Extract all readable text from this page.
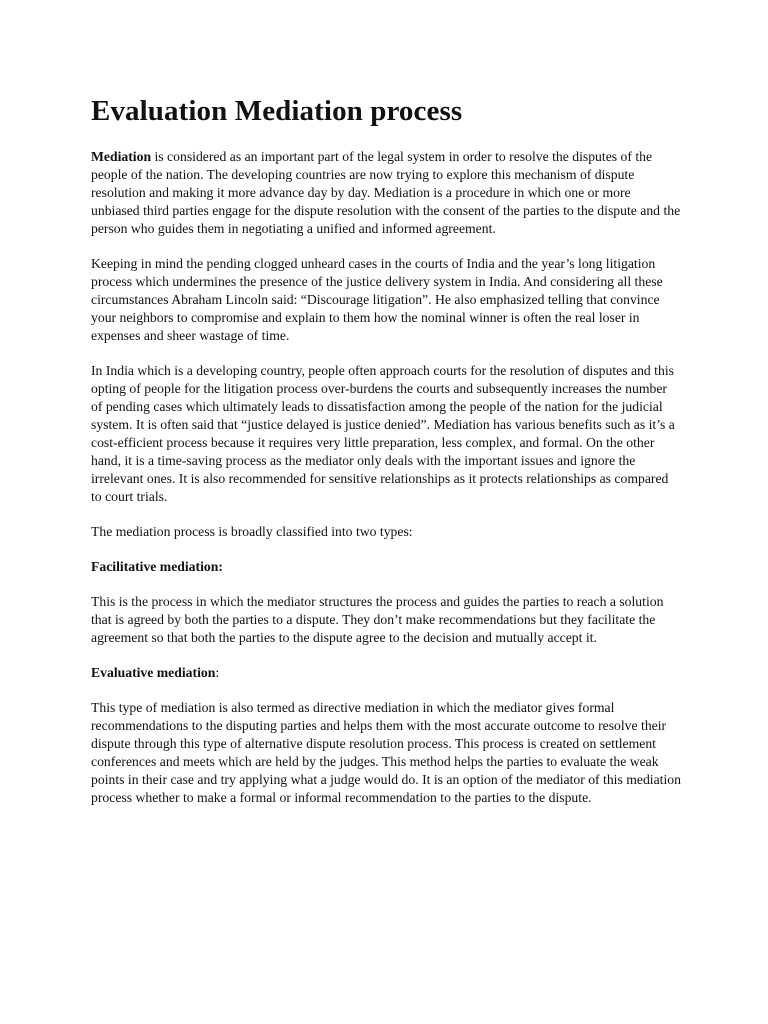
Evaluation Mediation process

Mediation is considered as an important part of the legal system in order to resolve the disputes of the people of the nation. The developing countries are now trying to explore this mechanism of dispute resolution and making it more advance day by day. Mediation is a procedure in which one or more unbiased third parties engage for the dispute resolution with the consent of the parties to the dispute and the person who guides them in negotiating a unified and informed agreement.

Keeping in mind the pending clogged unheard cases in the courts of India and the year’s long litigation process which undermines the presence of the justice delivery system in India. And considering all these circumstances Abraham Lincoln said: “Discourage litigation”. He also emphasized telling that convince your neighbors to compromise and explain to them how the nominal winner is often the real loser in expenses and sheer wastage of time.

In India which is a developing country, people often approach courts for the resolution of disputes and this opting of people for the litigation process over-burdens the courts and subsequently increases the number of pending cases which ultimately leads to dissatisfaction among the people of the nation for the judicial system. It is often said that “justice delayed is justice denied”. Mediation has various benefits such as it’s a cost-efficient process because it requires very little preparation, less complex, and formal. On the other hand, it is a time-saving process as the mediator only deals with the important issues and ignore the irrelevant ones. It is also recommended for sensitive relationships as it protects relationships as compared to court trials.

The mediation process is broadly classified into two types:

Facilitative mediation:

This is the process in which the mediator structures the process and guides the parties to reach a solution that is agreed by both the parties to a dispute. They don’t make recommendations but they facilitate the agreement so that both the parties to the dispute agree to the decision and mutually accept it.

Evaluative mediation:

This type of mediation is also termed as directive mediation in which the mediator gives formal recommendations to the disputing parties and helps them with the most accurate outcome to resolve their dispute through this type of alternative dispute resolution process. This process is created on settlement conferences and meets which are held by the judges. This method helps the parties to evaluate the weak points in their case and try applying what a judge would do. It is an option of the mediator of this mediation process whether to make a formal or informal recommendation to the parties to the dispute.
